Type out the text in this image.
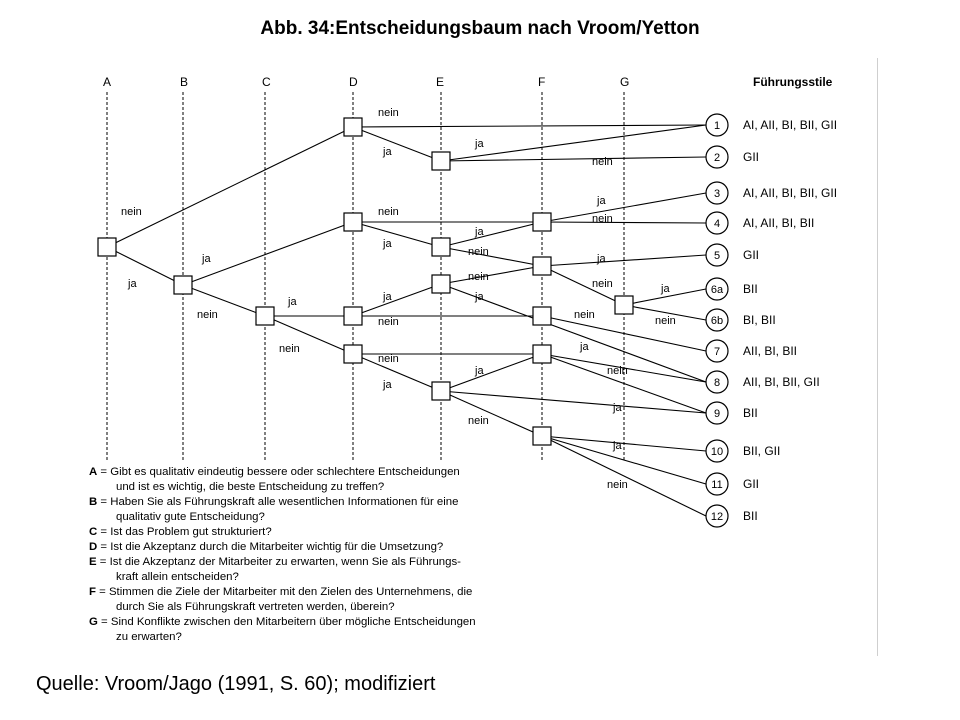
Abb. 34:Entscheidungsbaum nach Vroom/Yetton
nein
ja
nein
ja
ja
nein
ja
nein
nein
ja
ja
nein
ja
nein
ja
nein	ja
nein
ja
nein
ja
nein
nein
ja
nein
ja
nein
ja
ja
nein
nein
ja
ja
nein
A	B	C	D	E	F	G	Führungsstile
1 AI, AII, BI, BII, GII
2 GII
3 AI, AII, BI, BII, GII
4 AI, AII, BI, BII
5 GII
6a BII
6b BI, BII
7 AII, BI, BII
8 AII, BI, BII, GII
9 BII
10 BII, GII
11 GII
12 BII
A = Gibt es qualitativ eindeutig bessere oder schlechtere Entscheidungen
und ist es wichtig, die beste Entscheidung zu treffen?
B = Haben Sie als Führungskraft alle wesentlichen Informationen für eine
qualitativ gute Entscheidung?
C = Ist das Problem gut strukturiert?
D = Ist die Akzeptanz durch die Mitarbeiter wichtig für die Umsetzung?
E = Ist die Akzeptanz der Mitarbeiter zu erwarten, wenn Sie als Führungs-
kraft allein entscheiden?
F = Stimmen die Ziele der Mitarbeiter mit den Zielen des Unternehmens, die
durch Sie als Führungskraft vertreten werden, überein?
G = Sind Konflikte zwischen den Mitarbeitern über mögliche Entscheidungen
zu erwarten?
Quelle: Vroom/Jago (1991, S. 60); modifiziert
